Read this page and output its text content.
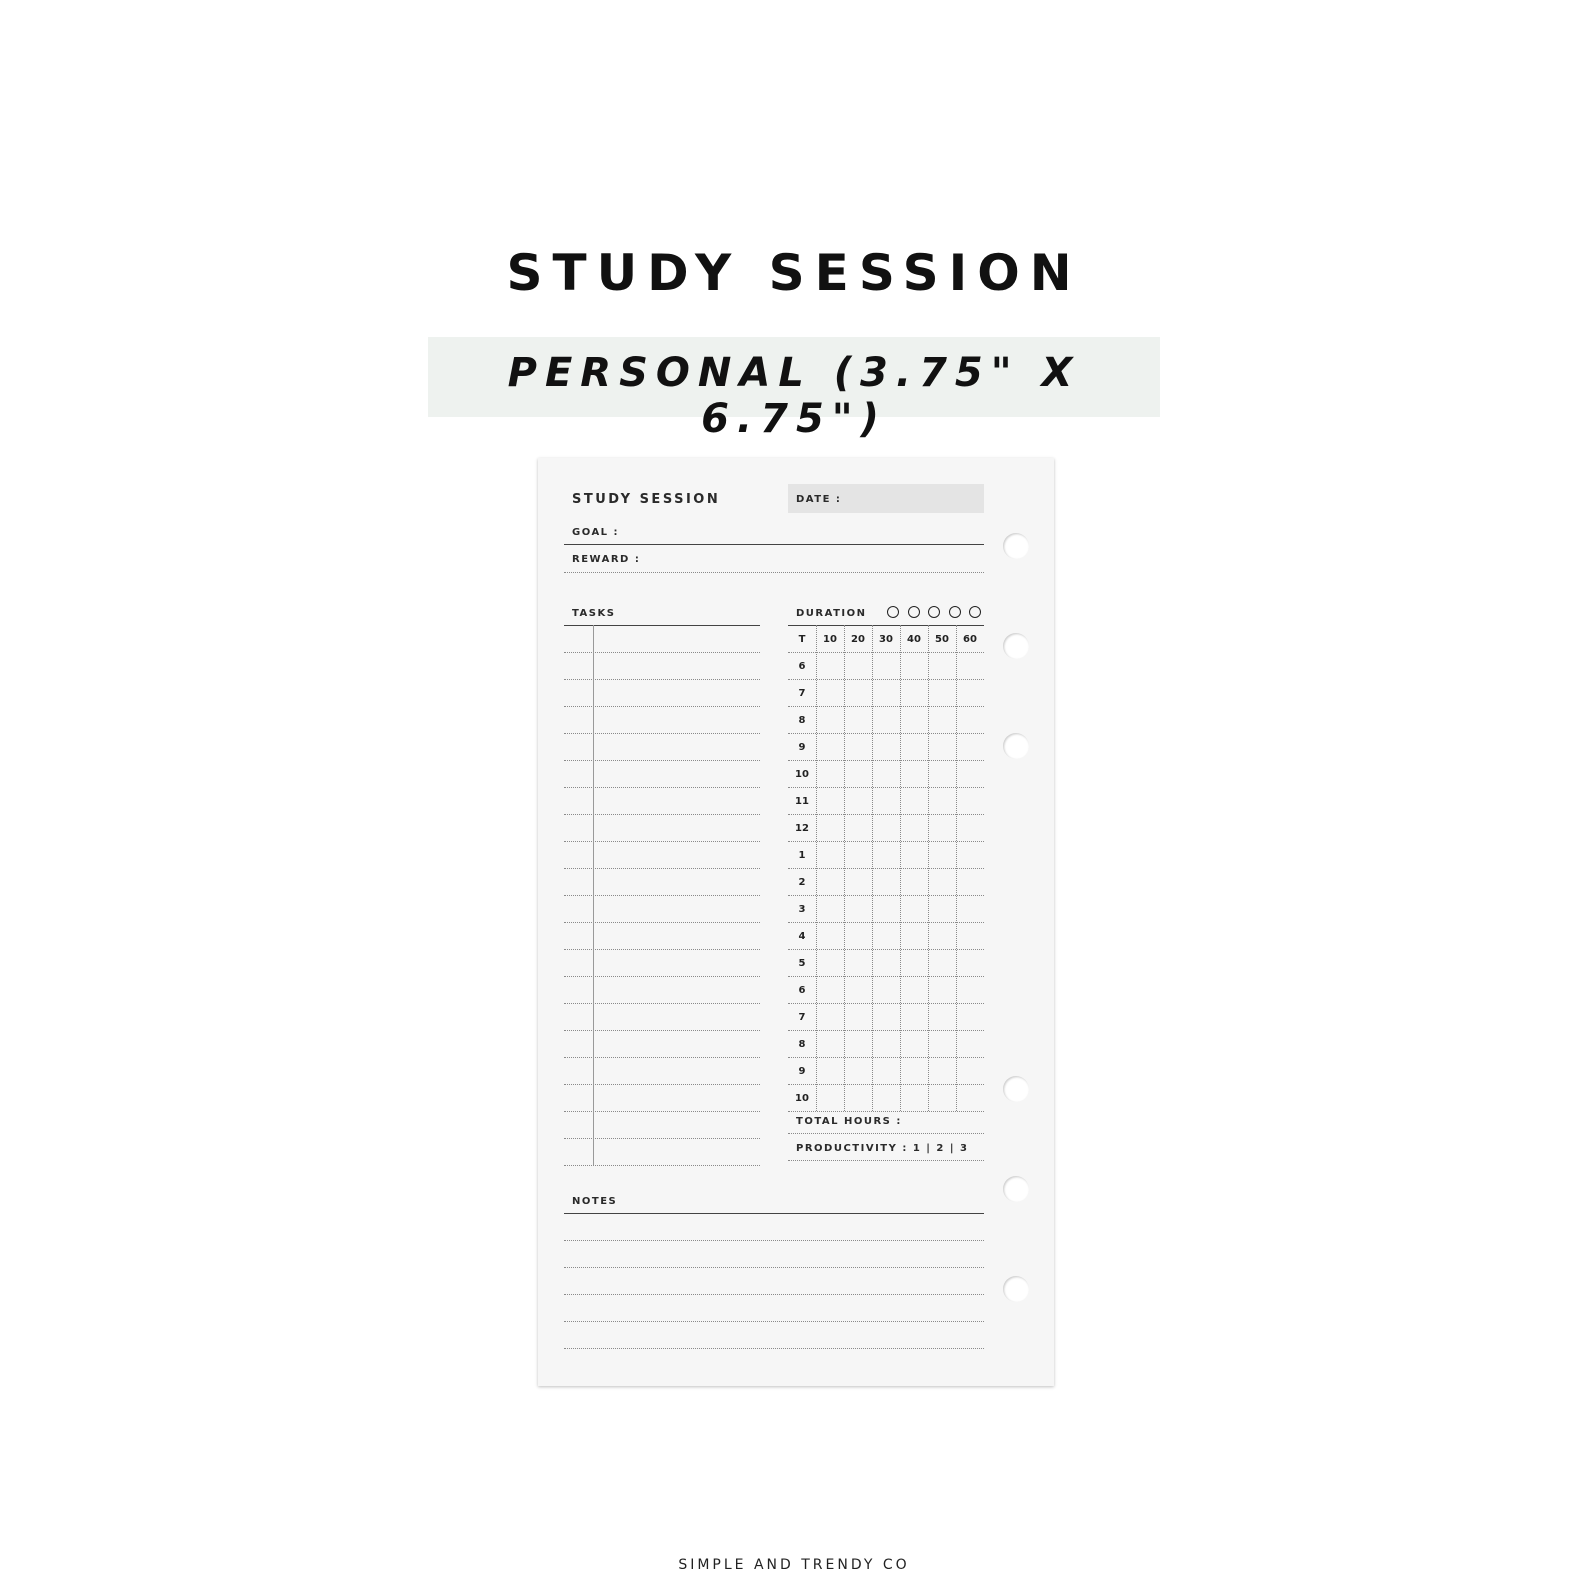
STUDY SESSION
PERSONAL (3.75" X 6.75")
STUDY SESSION	DATE :
GOAL :
REWARD :
TASKS	DURATION
T	10	20	30	40	50	60
6
7
8
9
10
11
12
1
2
3
4
5
6
7
8
9
10
TOTAL HOURS :
PRODUCTIVITY : 1 | 2 | 3
NOTES
SIMPLE AND TRENDY CO
